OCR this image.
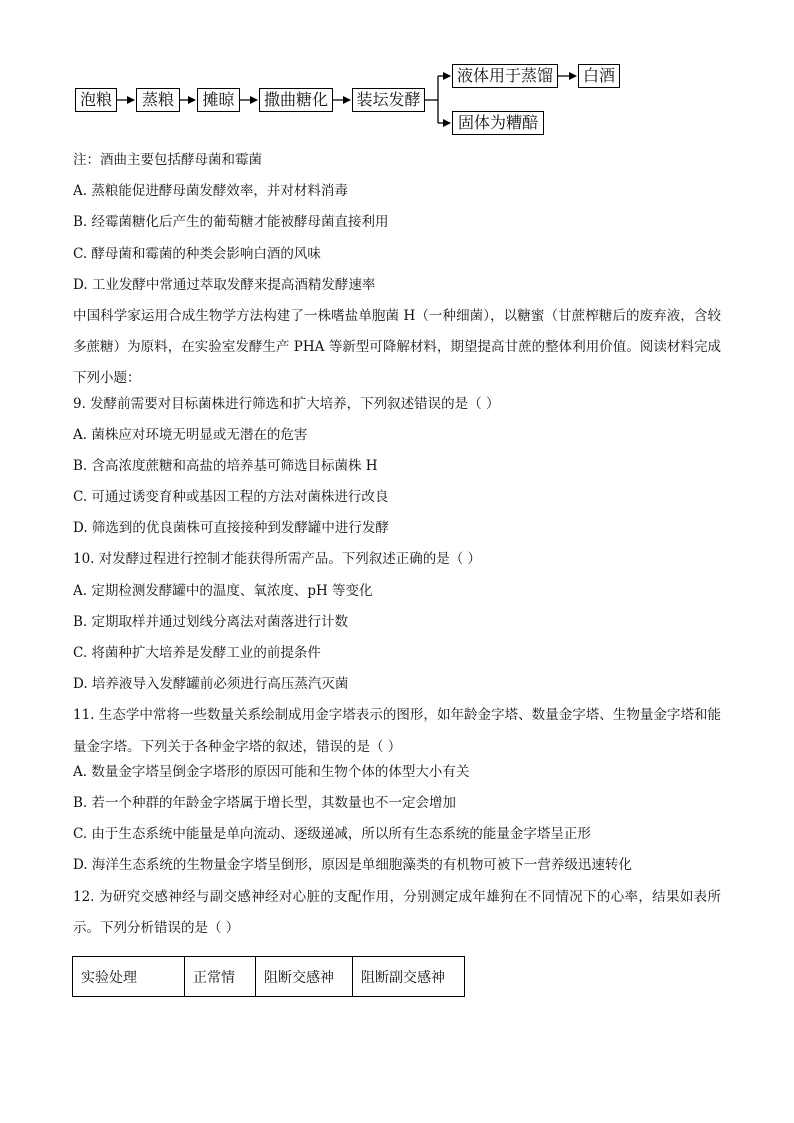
泡粮	蒸粮	摊晾	撒曲糖化	装坛发酵
液体用于蒸馏	白酒
固体为糟醅
注：酒曲主要包括酵母菌和霉菌
A. 蒸粮能促进酵母菌发酵效率，并对材料消毒
B. 经霉菌糖化后产生的葡萄糖才能被酵母菌直接利用
C. 酵母菌和霉菌的种类会影响白酒的风味
D. 工业发酵中常通过萃取发酵来提高酒精发酵速率

中国科学家运用合成生物学方法构建了一株嗜盐单胞菌 H（一种细菌），以糖蜜（甘蔗榨糖后的废弃液，含较多蔗糖）为原料，在实验室发酵生产 PHA 等新型可降解材料，期望提高甘蔗的整体利用价值。阅读材料完成下列小题：

9. 发酵前需要对目标菌株进行筛选和扩大培养，下列叙述错误的是（ ）
A. 菌株应对环境无明显或无潜在的危害
B. 含高浓度蔗糖和高盐的培养基可筛选目标菌株 H
C. 可通过诱变育种或基因工程的方法对菌株进行改良
D. 筛选到的优良菌株可直接接种到发酵罐中进行发酵
10. 对发酵过程进行控制才能获得所需产品。下列叙述正确的是（ ）
A. 定期检测发酵罐中的温度、氧浓度、pH 等变化
B. 定期取样并通过划线分离法对菌落进行计数
C. 将菌种扩大培养是发酵工业的前提条件
D. 培养液导入发酵罐前必须进行高压蒸汽灭菌

11. 生态学中常将一些数量关系绘制成用金字塔表示的图形，如年龄金字塔、数量金字塔、生物量金字塔和能量金字塔。下列关于各种金字塔的叙述，错误的是（ ）

A. 数量金字塔呈倒金字塔形的原因可能和生物个体的体型大小有关
B. 若一个种群的年龄金字塔属于增长型，其数量也不一定会增加
C. 由于生态系统中能量是单向流动、逐级递减，所以所有生态系统的能量金字塔呈正形
D. 海洋生态系统的生物量金字塔呈倒形，原因是单细胞藻类的有机物可被下一营养级迅速转化

12. 为研究交感神经与副交感神经对心脏的支配作用，分别测定成年雄狗在不同情况下的心率，结果如表所示。下列分析错误的是（ ）

实验处理	正常情	阻断交感神	阻断副交感神
